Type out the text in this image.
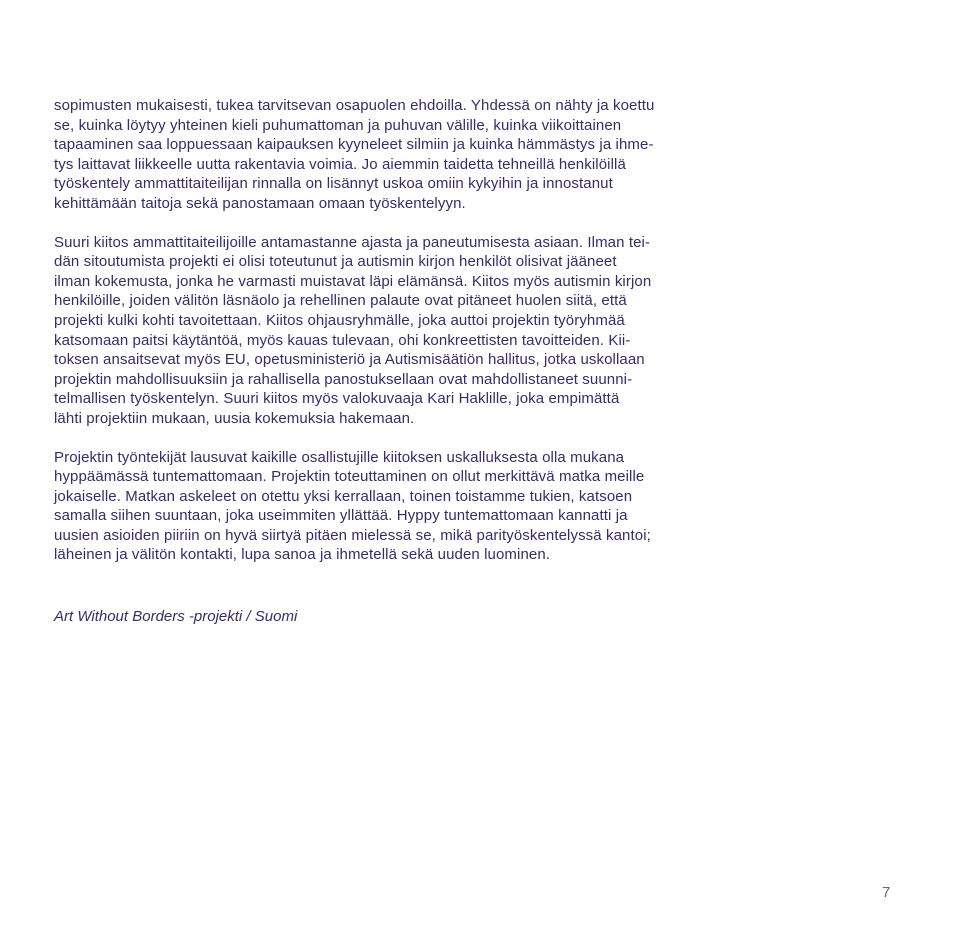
sopimusten mukaisesti, tukea tarvitsevan osapuolen ehdoilla. Yhdessä on nähty ja koettu
se, kuinka löytyy yhteinen kieli puhumattoman ja puhuvan välille, kuinka viikoittainen
tapaaminen saa loppuessaan kaipauksen kyyneleet silmiin ja kuinka hämmästys ja ihme-
tys laittavat liikkeelle uutta rakentavia voimia. Jo aiemmin taidetta tehneillä henkilöillä
työskentely ammattitaiteilijan rinnalla on lisännyt uskoa omiin kykyihin ja innostanut
kehittämään taitoja sekä panostamaan omaan työskentelyyn.

Suuri kiitos ammattitaiteilijoille antamastanne ajasta ja paneutumisesta asiaan. Ilman tei-
dän sitoutumista projekti ei olisi toteutunut ja autismin kirjon henkilöt olisivat jääneet
ilman kokemusta, jonka he varmasti muistavat läpi elämänsä. Kiitos myös autismin kirjon
henkilöille, joiden välitön läsnäolo ja rehellinen palaute ovat pitäneet huolen siitä, että
projekti kulki kohti tavoitettaan. Kiitos ohjausryhmälle, joka auttoi projektin työryhmää
katsomaan paitsi käytäntöä, myös kauas tulevaan, ohi konkreettisten tavoitteiden. Kii-
toksen ansaitsevat myös EU, opetusministeriö ja Autismisäätiön hallitus, jotka uskollaan
projektin mahdollisuuksiin ja rahallisella panostuksellaan ovat mahdollistaneet suunni-
telmallisen työskentelyn. Suuri kiitos myös valokuvaaja Kari Haklille, joka empimättä
lähti projektiin mukaan, uusia kokemuksia hakemaan.

Projektin työntekijät lausuvat kaikille osallistujille kiitoksen uskalluksesta olla mukana
hyppäämässä tuntemattomaan. Projektin toteuttaminen on ollut merkittävä matka meille
jokaiselle. Matkan askeleet on otettu yksi kerrallaan, toinen toistamme tukien, katsoen
samalla siihen suuntaan, joka useimmiten yllättää. Hyppy tuntemattomaan kannatti ja
uusien asioiden piiriin on hyvä siirtyä pitäen mielessä se, mikä parityöskentelyssä kantoi;
läheinen ja välitön kontakti, lupa sanoa ja ihmetellä sekä uuden luominen.

Art Without Borders -projekti / Suomi
7
